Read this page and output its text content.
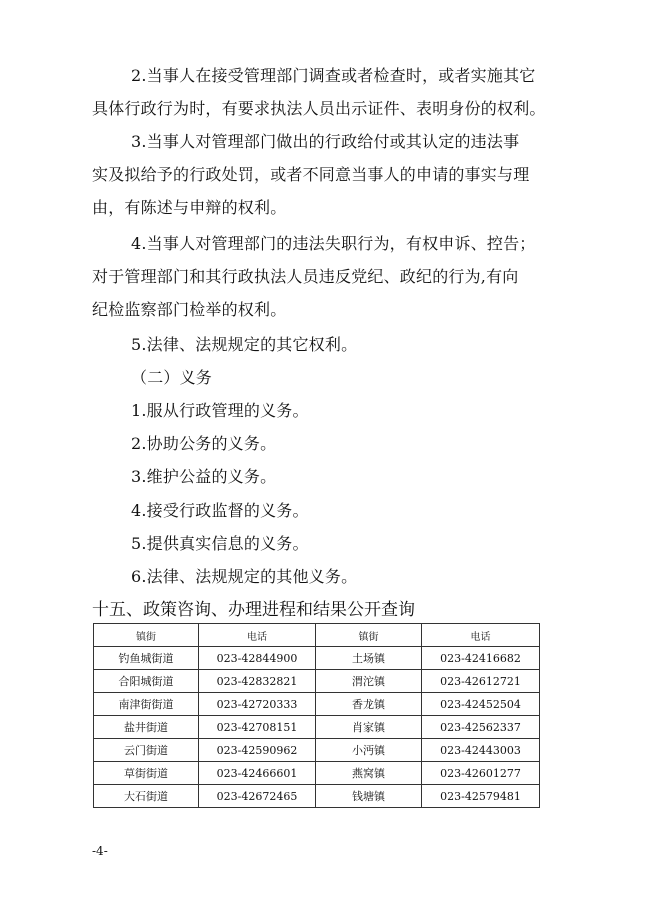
2.当事人在接受管理部门调查或者检查时，或者实施其它
具体行政行为时，有要求执法人员出示证件、表明身份的权利。
3.当事人对管理部门做出的行政给付或其认定的违法事
实及拟给予的行政处罚，或者不同意当事人的申请的事实与理
由，有陈述与申辩的权利。
4.当事人对管理部门的违法失职行为，有权申诉、控告；
对于管理部门和其行政执法人员违反党纪、政纪的行为,有向
纪检监察部门检举的权利。
5.法律、法规规定的其它权利。
（二）义务
1.服从行政管理的义务。
2.协助公务的义务。
3.维护公益的义务。
4.接受行政监督的义务。
5.提供真实信息的义务。
6.法律、法规规定的其他义务。
十五、政策咨询、办理进程和结果公开查询
镇街	电话	镇街	电话
钓鱼城街道	023-42844900	土场镇	023-42416682
合阳城街道	023-42832821	渭沱镇	023-42612721
南津街街道	023-42720333	香龙镇	023-42452504
盐井街道	023-42708151	肖家镇	023-42562337
云门街道	023-42590962	小沔镇	023-42443003
草街街道	023-42466601	燕窝镇	023-42601277
大石街道	023-42672465	钱塘镇	023-42579481
-4-
